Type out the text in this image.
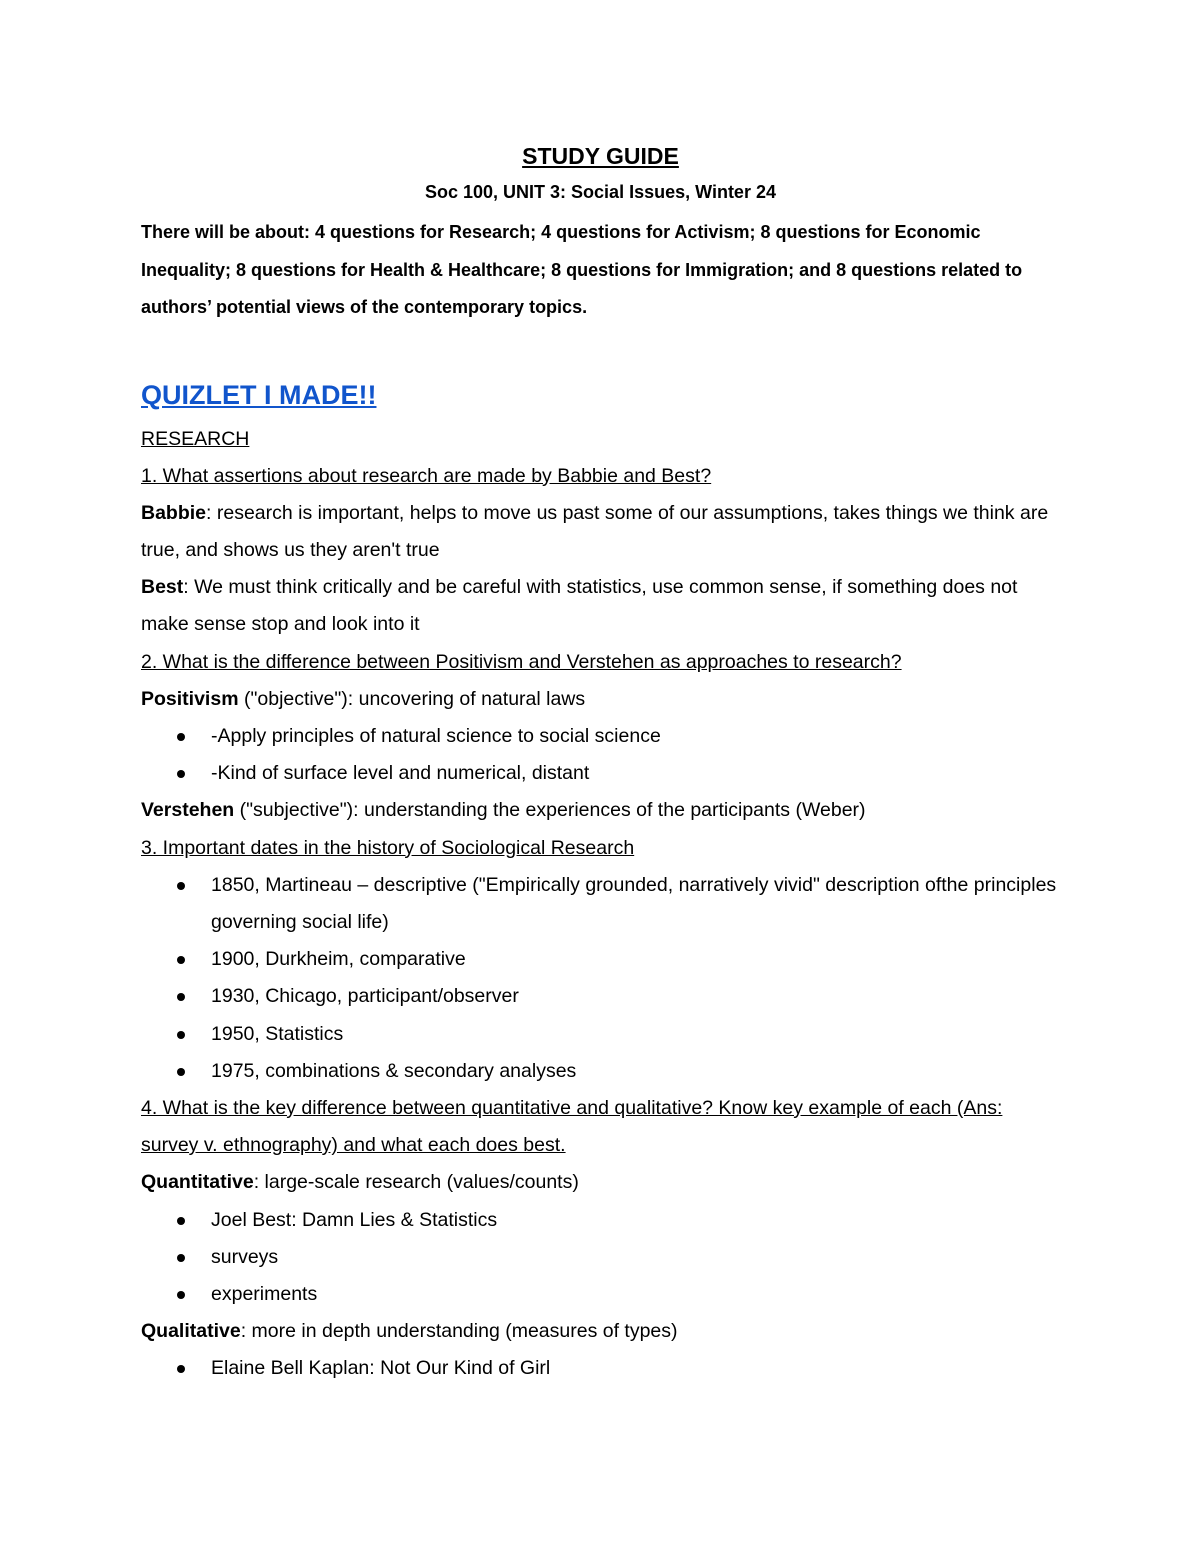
STUDY GUIDE
Soc 100, UNIT 3: Social Issues, Winter 24

There will be about: 4 questions for Research; 4 questions for Activism; 8 questions for Economic Inequality; 8 questions for Health & Healthcare; 8 questions for Immigration; and 8 questions related to authors’ potential views of the contemporary topics.

QUIZLET I MADE!!
RESEARCH

1. What assertions about research are made by Babbie and Best?

Babbie: research is important, helps to move us past some of our assumptions, takes things we think are true, and shows us they aren't true

Best: We must think critically and be careful with statistics, use common sense, if something does not make sense stop and look into it

2. What is the difference between Positivism and Verstehen as approaches to research?

Positivism ("objective"): uncovering of natural laws

-Apply principles of natural science to social science
-Kind of surface level and numerical, distant

Verstehen ("subjective"): understanding the experiences of the participants (Weber)

3. Important dates in the history of Sociological Research

1850, Martineau – descriptive ("Empirically grounded, narratively vivid" description ofthe principles governing social life)
1900, Durkheim, comparative
1930, Chicago, participant/observer
1950, Statistics
1975, combinations & secondary analyses

4. What is the key difference between quantitative and qualitative? Know key example of each (Ans: survey v. ethnography) and what each does best.

Quantitative: large-scale research (values/counts)

Joel Best: Damn Lies & Statistics
surveys
experiments

Qualitative: more in depth understanding (measures of types)

Elaine Bell Kaplan: Not Our Kind of Girl
